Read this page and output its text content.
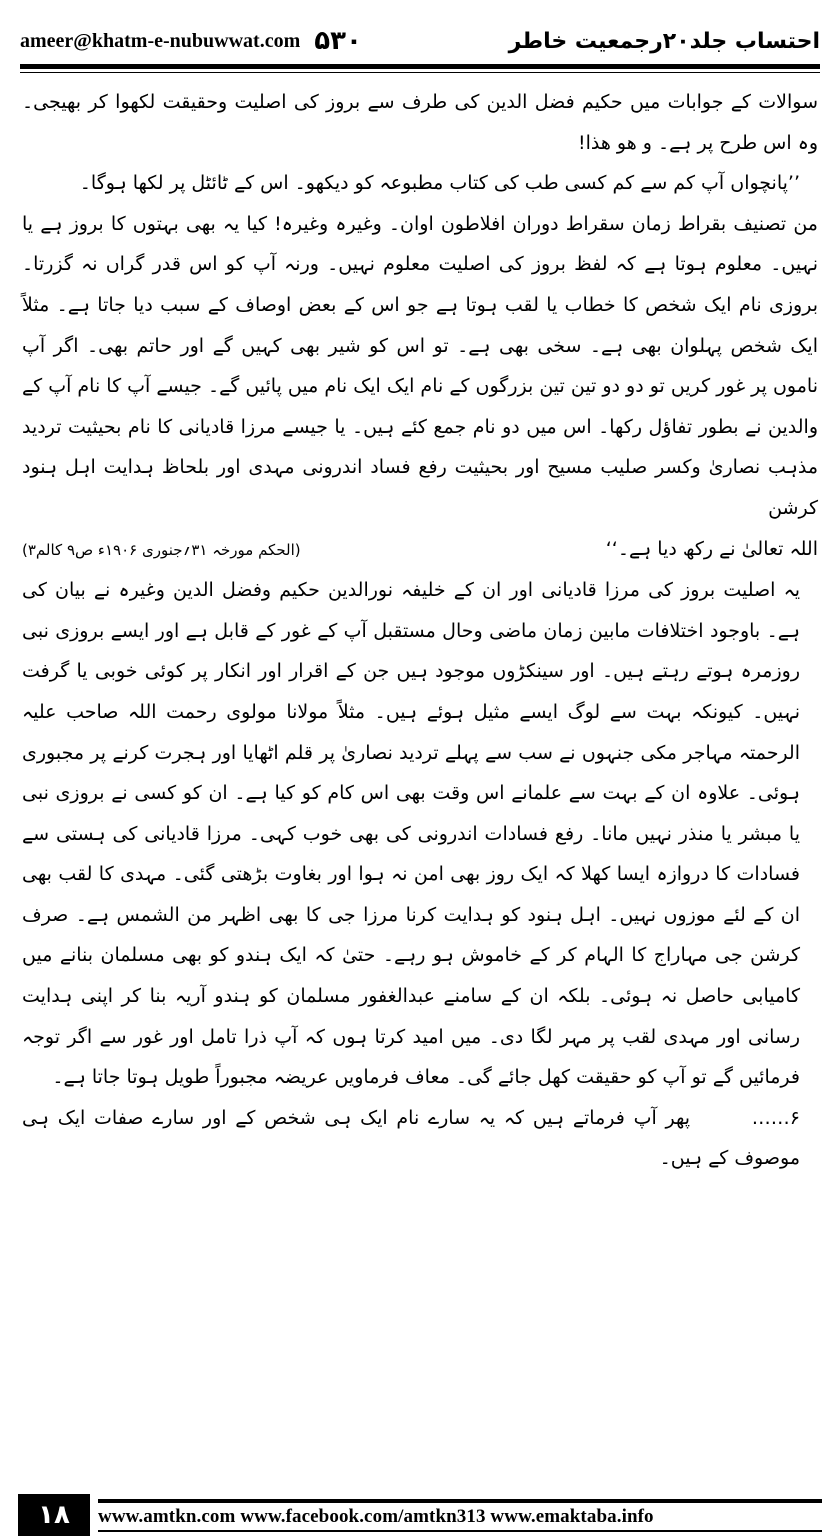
ameer@khatm-e-nubuwwat.com ۵۳۰	احتساب جلد۲۰رجمعیت خاطر

سوالات کے جوابات میں حکیم فضل الدین کی طرف سے بروز کی اصلیت وحقیقت لکھوا کر بھیجی۔ وہ اس طرح پر ہے۔ و ھو ھذا!

’’پانچواں آپ کم سے کم کسی طب کی کتاب مطبوعہ کو دیکھو۔ اس کے ٹائٹل پر لکھا ہوگا۔

من تصنیف بقراط زمان سقراط دوران افلاطون اوان۔ وغیرہ وغیرہ! کیا یہ بھی بہتوں کا بروز ہے یا نہیں۔ معلوم ہوتا ہے کہ لفظ بروز کی اصلیت معلوم نہیں۔ ورنہ آپ کو اس قدر گراں نہ گزرتا۔ بروزی نام ایک شخص کا خطاب یا لقب ہوتا ہے جو اس کے بعض اوصاف کے سبب دیا جاتا ہے۔ مثلاً ایک شخص پہلوان بھی ہے۔ سخی بھی ہے۔ تو اس کو شیر بھی کہیں گے اور حاتم بھی۔ اگر آپ ناموں پر غور کریں تو دو دو تین تین بزرگوں کے نام ایک ایک نام میں پائیں گے۔ جیسے آپ کا نام آپ کے والدین نے بطور تفاؤل رکھا۔ اس میں دو نام جمع کئے ہیں۔ یا جیسے مرزا قادیانی کا نام بحیثیت تردید مذہب نصاریٰ وکسر صلیب مسیح اور بحیثیت رفع فساد اندرونی مہدی اور بلحاظ ہدایت اہل ہنود کرشن

اللہ تعالیٰ نے رکھ دیا ہے۔‘‘
(الحکم مورخہ ۳۱؍جنوری ۱۹۰۶ء ص۹ کالم۳)

یہ اصلیت بروز کی مرزا قادیانی اور ان کے خلیفہ نورالدین حکیم وفضل الدین وغیرہ نے بیان کی ہے۔ باوجود اختلافات مابین زمان ماضی وحال مستقبل آپ کے غور کے قابل ہے اور ایسے بروزی نبی روزمرہ ہوتے رہتے ہیں۔ اور سینکڑوں موجود ہیں جن کے اقرار اور انکار پر کوئی خوبی یا گرفت نہیں۔ کیونکہ بہت سے لوگ ایسے مثیل ہوئے ہیں۔ مثلاً مولانا مولوی رحمت اللہ صاحب علیہ الرحمتہ مہاجر مکی جنہوں نے سب سے پہلے تردید نصاریٰ پر قلم اٹھایا اور ہجرت کرنے پر مجبوری ہوئی۔ علاوہ ان کے بہت سے علمانے اس وقت بھی اس کام کو کیا ہے۔ ان کو کسی نے بروزی نبی یا مبشر یا منذر نہیں مانا۔ رفع فسادات اندرونی کی بھی خوب کہی۔ مرزا قادیانی کی ہستی سے فسادات کا دروازہ ایسا کھلا کہ ایک روز بھی امن نہ ہوا اور بغاوت بڑھتی گئی۔ مہدی کا لقب بھی ان کے لئے موزوں نہیں۔ اہل ہنود کو ہدایت کرنا مرزا جی کا بھی اظہر من الشمس ہے۔ صرف کرشن جی مہاراج کا الہام کر کے خاموش ہو رہے۔ حتیٰ کہ ایک ہندو کو بھی مسلمان بنانے میں کامیابی حاصل نہ ہوئی۔ بلکہ ان کے سامنے عبدالغفور مسلمان کو ہندو آریہ بنا کر اپنی ہدایت رسانی اور مہدی لقب پر مہر لگا دی۔ میں امید کرتا ہوں کہ آپ ذرا تامل اور غور سے اگر توجہ فرمائیں گے تو آپ کو حقیقت کھل جائے گی۔ معاف فرماویں عریضہ مجبوراً طویل ہوتا جاتا ہے۔

۶……پھر آپ فرماتے ہیں کہ یہ سارے نام ایک ہی شخص کے اور سارے صفات ایک ہی موصوف کے ہیں۔

۱۸	www.amtkn.com www.facebook.com/amtkn313 www.emaktaba.info
